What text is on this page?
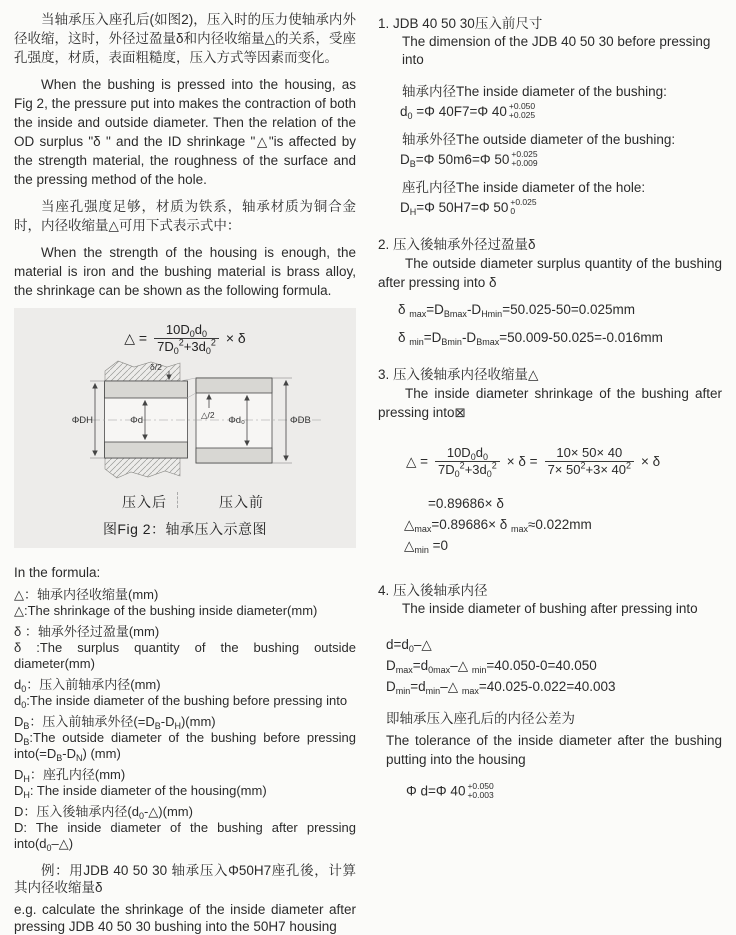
当轴承压入座孔后(如图2)，压入时的压力使轴承内外径收缩，这时，外径过盈量δ和内径收缩量△的关系，受座孔强度，材质，表面粗糙度，压入方式等因素而变化。

When the bushing is pressed into the housing, as Fig 2, the pressure put into makes the contraction of both the inside and outside diameter. Then the relation of the OD surplus "δ " and the ID shrinkage "△"is affected by the strength material, the roughness of the surface and the pressing method of the hole.

当座孔强度足够，材质为铁系，轴承材质为铜合金时，内径收缩量△可用下式表示式中：

When the strength of the housing is enough, the material is iron and the bushing material is brass alloy, the shrinkage can be shown as the following formula.

△ = $\frac{10D_0d_0}{7D_0^2+3d_0^2} \times \delta$
ΦDH	Φd	Φd₀	ΦDB
δ/2
△/2
压入后	压入前
图Fig 2：轴承压入示意图

In the formula:

△：轴承内径收缩量(mm)

△:The shrinkage of the bushing inside diameter(mm)

δ ：轴承外径过盈量(mm)

δ :The surplus quantity of the bushing outside diameter(mm)

$d_0$：压入前轴承内径(mm)

$d_0:The$ inside diameter of the bushing before pressing into

$D_B$：压入前轴承外径$(=D_B-D_H)(mm)$

$D_B:The$ outside diameter of the bushing before pressing $into(=D_B-D_N)$ (mm)

$D_H$：座孔内径(mm)

$D_H$: The inside diameter of the housing(mm)

D：压入後轴承内径$(d_0-\triangle)(mm)$

D: The inside diameter of the bushing after pressing $into(d_0-\triangle)$

例：用JDB 40 50 30 轴承压入Φ50H7座孔後，计算其内径收缩量δ

e.g. calculate the shrinkage of the inside diameter after pressing JDB 40 50 30 bushing into the 50H7 housing

1. JDB 40 50 30压入前尺寸

The dimension of the JDB 40 50 30 before pressing into

轴承内径The inside diameter of the bushing:

$d_0 =\Phi$ 40F7=Φ 40 +0.050
+0.025

轴承外径The outside diameter of the bushing:

$D_B=\Phi$ 50m6=Φ 50 +0.025
+0.009

座孔内径The inside diameter of the hole:

$D_H=\Phi$ 50H7=Φ 50 +0.025
0

2. 压入後轴承外径过盈量δ

The outside diameter surplus quantity of the bushing after pressing into δ

δ $_{max}=D_{Bmax}-D_{Hmin}=50.025-50=0.025mm$

δ $_{min}=D_{Bmin}-D_{Bmax}=50.009-50.025=-0.016mm$

3. 压入後轴承内径收缩量△

The inside diameter shrinkage of the bushing after pressing into⊠

△ = $\frac{10D_0d_0}{7D_0^2+3d_0^2} \times \delta = \frac{10\times 50\times 40}{7\times 50^2+3\times 40^2} \times \delta$

=0.89686× δ

$\triangle_{max}=0.89686\times \delta$ $_{max}$≈0.022mm

$\triangle_{min} =0$

4. 压入後轴承内径

The inside diameter of bushing after pressing into

$d=d_0-\triangle$

$D_{max}=d_{0max}-\triangle$ $_{min}$=40.050-0=40.050

$D_{min}=d_{min}-\triangle$ $_{max}$=40.025-0.022=40.003

即轴承压入座孔后的内径公差为

The tolerance of the inside diameter after the bushing putting into the housing

Φ d=Φ 40 +0.050
+0.003
